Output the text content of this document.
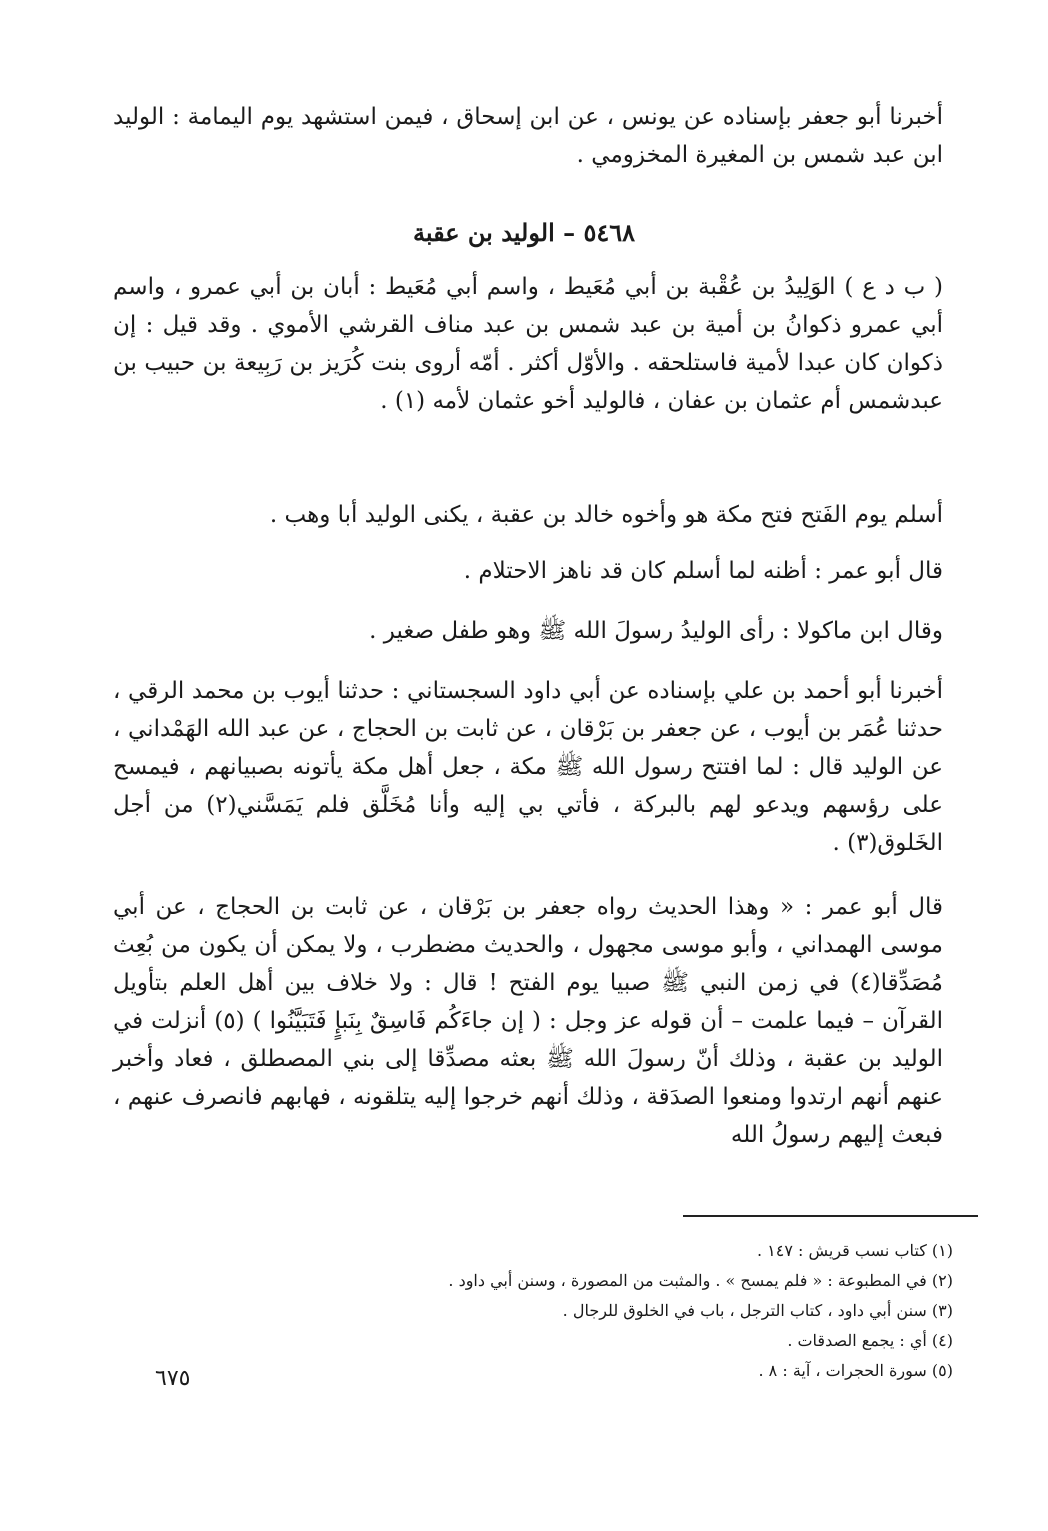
أخبرنا أبو جعفر بإسناده عن يونس ، عن ابن إسحاق ، فيمن استشهد يوم اليمامة : الوليد ابن عبد شمس بن المغيرة المخزومي .
٥٤٦٨ – الوليد بن عقبة
( ب د ع ) الوَلِيدُ بن عُقْبة بن أبي مُعَيط ، واسم أبي مُعَيط : أبان بن أبي عمرو ، واسم أبي عمرو ذكوانُ بن أمية بن عبد شمس بن عبد مناف القرشي الأموي . وقد قيل : إن ذكوان كان عبدا لأمية فاستلحقه . والأوّل أكثر . أمّه أروى بنت كُرَيز بن رَبِيعة بن حبيب بن عبدشمس أم عثمان بن عفان ، فالوليد أخو عثمان لأمه (١) .
أسلم يوم الفَتح فتح مكة هو وأخوه خالد بن عقبة ، يكنى الوليد أبا وهب .
قال أبو عمر : أظنه لما أسلم كان قد ناهز الاحتلام .
وقال ابن ماكولا : رأى الوليدُ رسولَ الله ﷺ وهو طفل صغير .
أخبرنا أبو أحمد بن علي بإسناده عن أبي داود السجستاني : حدثنا أيوب بن محمد الرقي ، حدثنا عُمَر بن أيوب ، عن جعفر بن بَرْقان ، عن ثابت بن الحجاج ، عن عبد الله الهَمْداني ، عن الوليد قال : لما افتتح رسول الله ﷺ مكة ، جعل أهل مكة يأتونه بصبيانهم ، فيمسح على رؤسهم ويدعو لهم بالبركة ، فأتي بي إليه وأنا مُخَلَّق فلم يَمَسَّني(٢) من أجل الخَلوق(٣) .
قال أبو عمر : « وهذا الحديث رواه جعفر بن بَرْقان ، عن ثابت بن الحجاج ، عن أبي موسى الهمداني ، وأبو موسى مجهول ، والحديث مضطرب ، ولا يمكن أن يكون من بُعِث مُصَدِّقا(٤) في زمن النبي ﷺ صبيا يوم الفتح ! قال : ولا خلاف بين أهل العلم بتأويل القرآن – فيما علمت – أن قوله عز وجل : ( إن جاءَكُم فَاسِقٌ بِنَبإٍ فَتَبَيَّنُوا ) (٥) أنزلت في الوليد بن عقبة ، وذلك أنّ رسولَ الله ﷺ بعثه مصدِّقا إلى بني المصطلق ، فعاد وأخبر عنهم أنهم ارتدوا ومنعوا الصدَقة ، وذلك أنهم خرجوا إليه يتلقونه ، فهابهم فانصرف عنهم ، فبعث إليهم رسولُ الله
(١) كتاب نسب قريش : ١٤٧ .
(٢) في المطبوعة : « فلم يمسح » . والمثبت من المصورة ، وسنن أبي داود .
(٣) سنن أبي داود ، كتاب الترجل ، باب في الخلوق للرجال .
(٤) أي : يجمع الصدقات .
(٥) سورة الحجرات ، آية : ٨ .
٦٧٥
